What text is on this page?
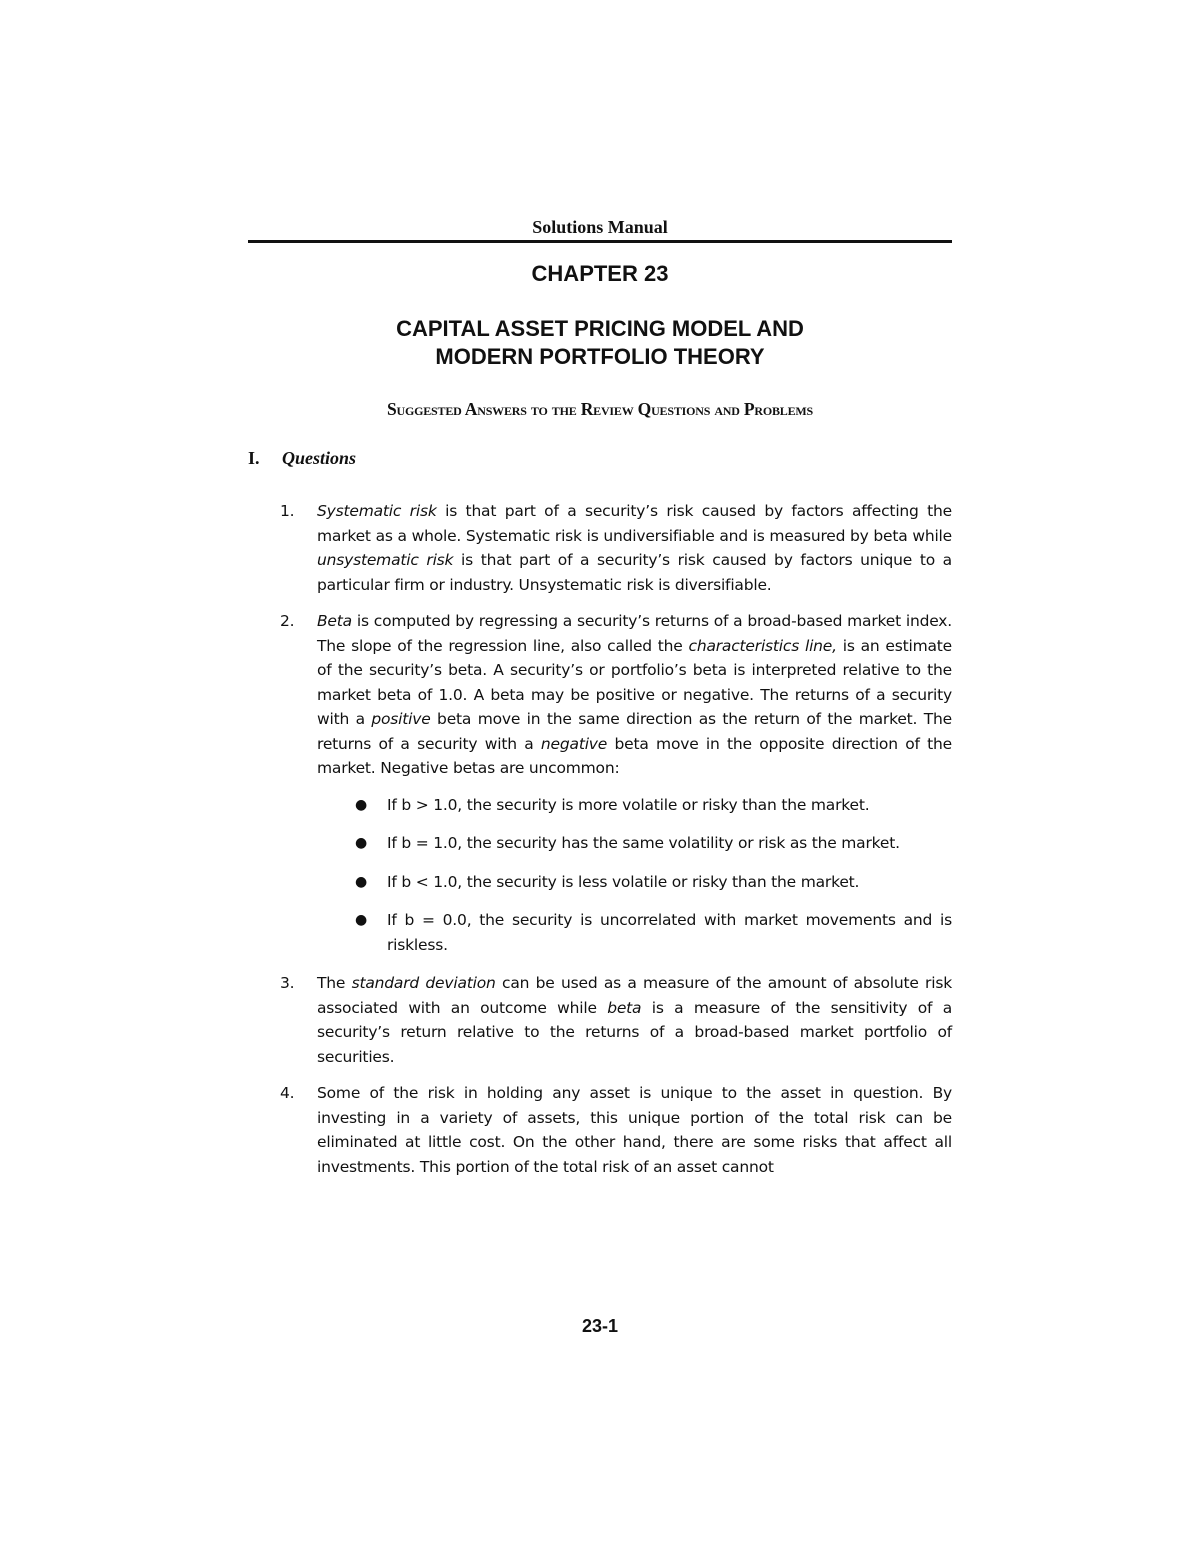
Solutions Manual
CHAPTER 23
CAPITAL ASSET PRICING MODEL AND
MODERN PORTFOLIO THEORY
Suggested Answers to the Review Questions and Problems
I. Questions
1. Systematic risk is that part of a security’s risk caused by factors affecting the market as a whole. Systematic risk is undiversifiable and is measured by beta while unsystematic risk is that part of a security’s risk caused by factors unique to a particular firm or industry. Unsystematic risk is diversifiable.
2. Beta is computed by regressing a security’s returns of a broad-based market index. The slope of the regression line, also called the characteristics line, is an estimate of the security’s beta. A security’s or portfolio’s beta is interpreted relative to the market beta of 1.0. A beta may be positive or negative. The returns of a security with a positive beta move in the same direction as the return of the market. The returns of a security with a negative beta move in the opposite direction of the market. Negative betas are uncommon:
● If b > 1.0, the security is more volatile or risky than the market.
● If b = 1.0, the security has the same volatility or risk as the market.
● If b < 1.0, the security is less volatile or risky than the market.
● If b = 0.0, the security is uncorrelated with market movements and is riskless.
3. The standard deviation can be used as a measure of the amount of absolute risk associated with an outcome while beta is a measure of the sensitivity of a security’s return relative to the returns of a broad-based market portfolio of securities.
4. Some of the risk in holding any asset is unique to the asset in question. By investing in a variety of assets, this unique portion of the total risk can be eliminated at little cost. On the other hand, there are some risks that affect all investments. This portion of the total risk of an asset cannot
23-1
